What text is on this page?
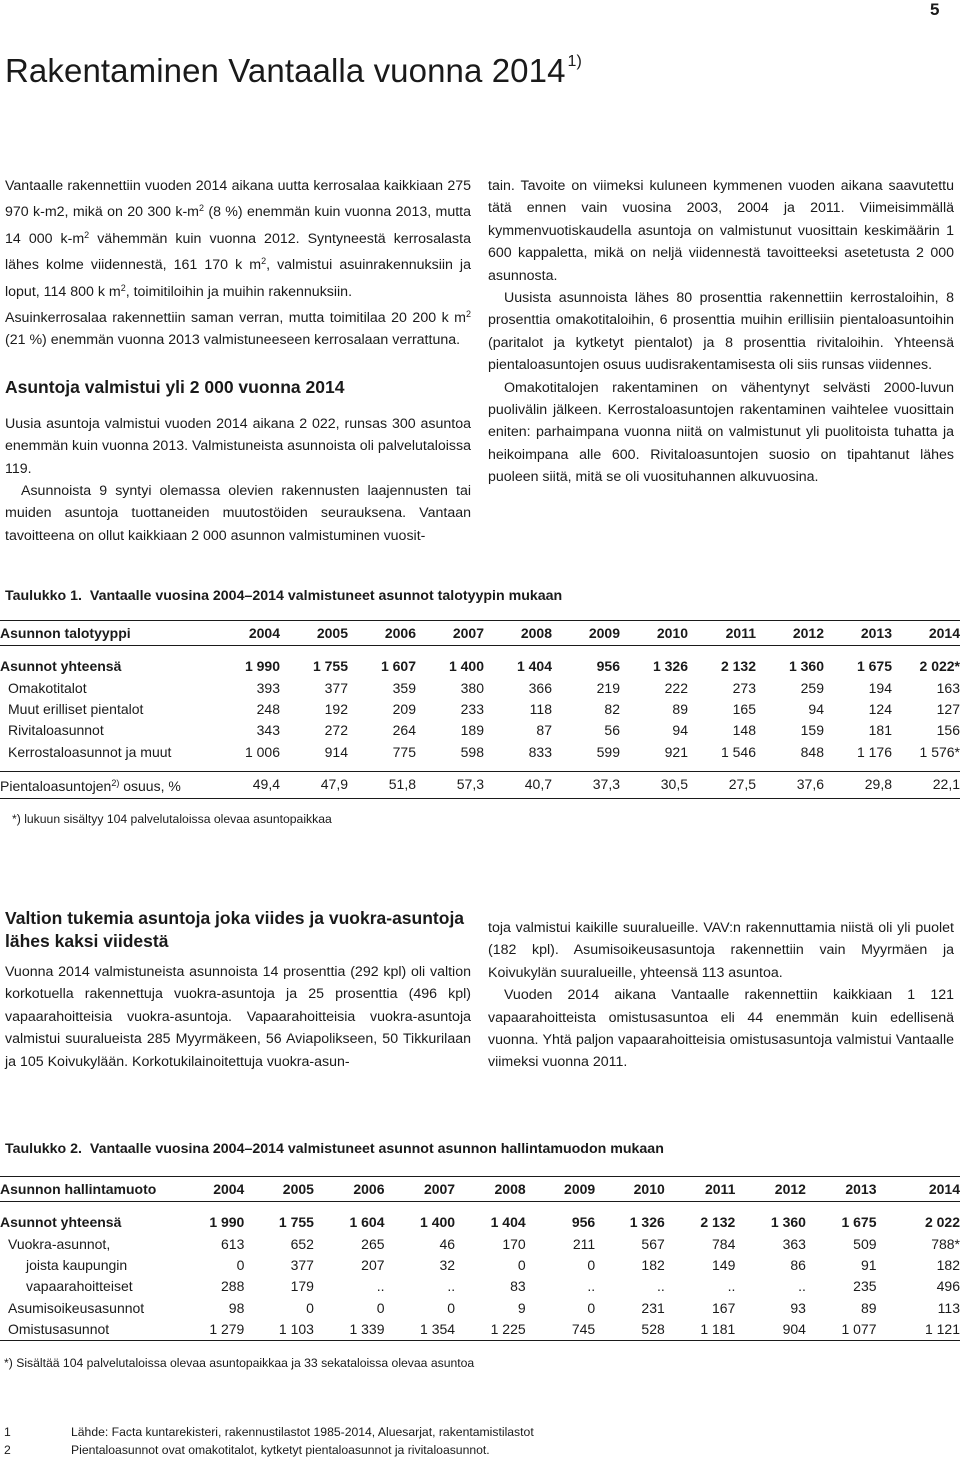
5
Rakentaminen Vantaalla vuonna 2014 $^{1)}$

Vantaalle rakennettiin vuoden 2014 aikana uutta kerrosalaa kaikkiaan 275 970 k-m2, mikä on 20 300 $k-m^2$ (8 %) enemmän kuin vuonna 2013, mutta 14 000 $k-m^2$ vähemmän kuin vuonna 2012. Syntyneestä kerrosalasta lähes kolme viidennestä, 161 170 k $m^2$, valmistui asuinrakennuksiin ja loput, 114 800 k $m^2$, toimitiloihin ja muihin rakennuksiin.

Asuinkerrosalaa rakennettiin saman verran, mutta toimitilaa 20 200 k $m^2$ (21 %) enemmän vuonna 2013 valmistuneeseen kerrosalaan verrattuna.

Asuntoja valmistui yli 2 000 vuonna 2014

Uusia asuntoja valmistui vuoden 2014 aikana 2 022, runsas 300 asuntoa enemmän kuin vuonna 2013. Valmistuneista asunnoista oli palvelutaloissa 119.

Asunnoista 9 syntyi olemassa olevien rakennusten laajennusten tai muiden asuntoja tuottaneiden muutostöiden seurauksena. Vantaan tavoitteena on ollut kaikkiaan 2 000 asunnon valmistuminen vuosit-

tain. Tavoite on viimeksi kuluneen kymmenen vuoden aikana saavutettu tätä ennen vain vuosina 2003, 2004 ja 2011. Viimeisimmällä kymmenvuotiskaudella asuntoja on valmistunut vuosittain keskimäärin 1 600 kappaletta, mikä on neljä viidennestä tavoitteeksi asetetusta 2 000 asunnosta.

Uusista asunnoista lähes 80 prosenttia rakennettiin kerrostaloihin, 8 prosenttia omakotitaloihin, 6 prosenttia muihin erillisiin pientaloasuntoihin (paritalot ja kytketyt pientalot) ja 8 prosenttia rivitaloihin. Yhteensä pientaloasuntojen osuus uudisrakentamisesta oli siis runsas viidennes.

Omakotitalojen rakentaminen on vähentynyt selvästi 2000-luvun puolivälin jälkeen. Kerrostaloasuntojen rakentaminen vaihtelee vuosittain eniten: parhaimpana vuonna niitä on valmistunut yli puolitoista tuhatta ja heikoimpana alle 600. Rivitaloasuntojen suosio on tipahtanut lähes puoleen siitä, mitä se oli vuosituhannen alkuvuosina.

Taulukko 1. Vantaalle vuosina 2004–2014 valmistuneet asunnot talotyypin mukaan
Asunnon talotyyppi	2004	2005	2006	2007	2008	2009	2010	2011	2012	2013	2014

Asunnot yhteensä	1 990	1 755	1 607	1 400	1 404	956	1 326	2 132	1 360	1 675	2 022*
Omakotitalot	393	377	359	380	366	219	222	273	259	194	163
Muut erilliset pientalot	248	192	209	233	118	82	89	165	94	124	127
Rivitaloasunnot	343	272	264	189	87	56	94	148	159	181	156
Kerrostaloasunnot ja muut	1 006	914	775	598	833	599	921	1 546	848	1 176	1 576*

Pientaloasuntojen$^{2)}$ osuus, %	49,4	47,9	51,8	57,3	40,7	37,3	30,5	27,5	37,6	29,8	22,1
*) lukuun sisältyy 104 palvelutaloissa olevaa asuntopaikkaa
Valtion tukemia asuntoja joka viides ja vuokra-asuntoja lähes kaksi viidestä

Vuonna 2014 valmistuneista asunnoista 14 prosenttia (292 kpl) oli valtion korkotuella rakennettuja vuokra-asuntoja ja 25 prosenttia (496 kpl) vapaarahoitteisia vuokra-asuntoja. Vapaarahoitteisia vuokra-asuntoja valmistui suuralueista 285 Myyrmäkeen, 56 Aviapolikseen, 50 Tikkurilaan ja 105 Koivukylään. Korkotukilainoitettuja vuokra-asun-

toja valmistui kaikille suuralueille. VAV:n rakennuttamia niistä oli yli puolet (182 kpl). Asumisoikeusasuntoja rakennettiin vain Myyrmäen ja Koivukylän suuralueille, yhteensä 113 asuntoa.

Vuoden 2014 aikana Vantaalle rakennettiin kaikkiaan 1 121 vapaarahoitteista omistusasuntoa eli 44 enemmän kuin edellisenä vuonna. Yhtä paljon vapaarahoitteisia omistusasuntoja valmistui Vantaalle viimeksi vuonna 2011.

Taulukko 2. Vantaalle vuosina 2004–2014 valmistuneet asunnot asunnon hallintamuodon mukaan
Asunnon hallintamuoto	2004	2005	2006	2007	2008	2009	2010	2011	2012	2013	2014

Asunnot yhteensä	1 990	1 755	1 604	1 400	1 404	956	1 326	2 132	1 360	1 675	2 022
Vuokra-asunnot,	613	652	265	46	170	211	567	784	363	509	788*
joista kaupungin	0	377	207	32	0	0	182	149	86	91	182
vapaarahoitteiset	288	179	..	..	83	..	..	..	..	235	496
Asumisoikeusasunnot	98	0	0	0	9	0	231	167	93	89	113
Omistusasunnot	1 279	1 103	1 339	1 354	1 225	745	528	1 181	904	1 077	1 121
*) Sisältää 104 palvelutaloissa olevaa asuntopaikkaa ja 33 sekataloissa olevaa asuntoa
1	Lähde: Facta kuntarekisteri, rakennustilastot 1985-2014, Aluesarjat, rakentamistilastot
2	Pientaloasunnot ovat omakotitalot, kytketyt pientaloasunnot ja rivitaloasunnot.
